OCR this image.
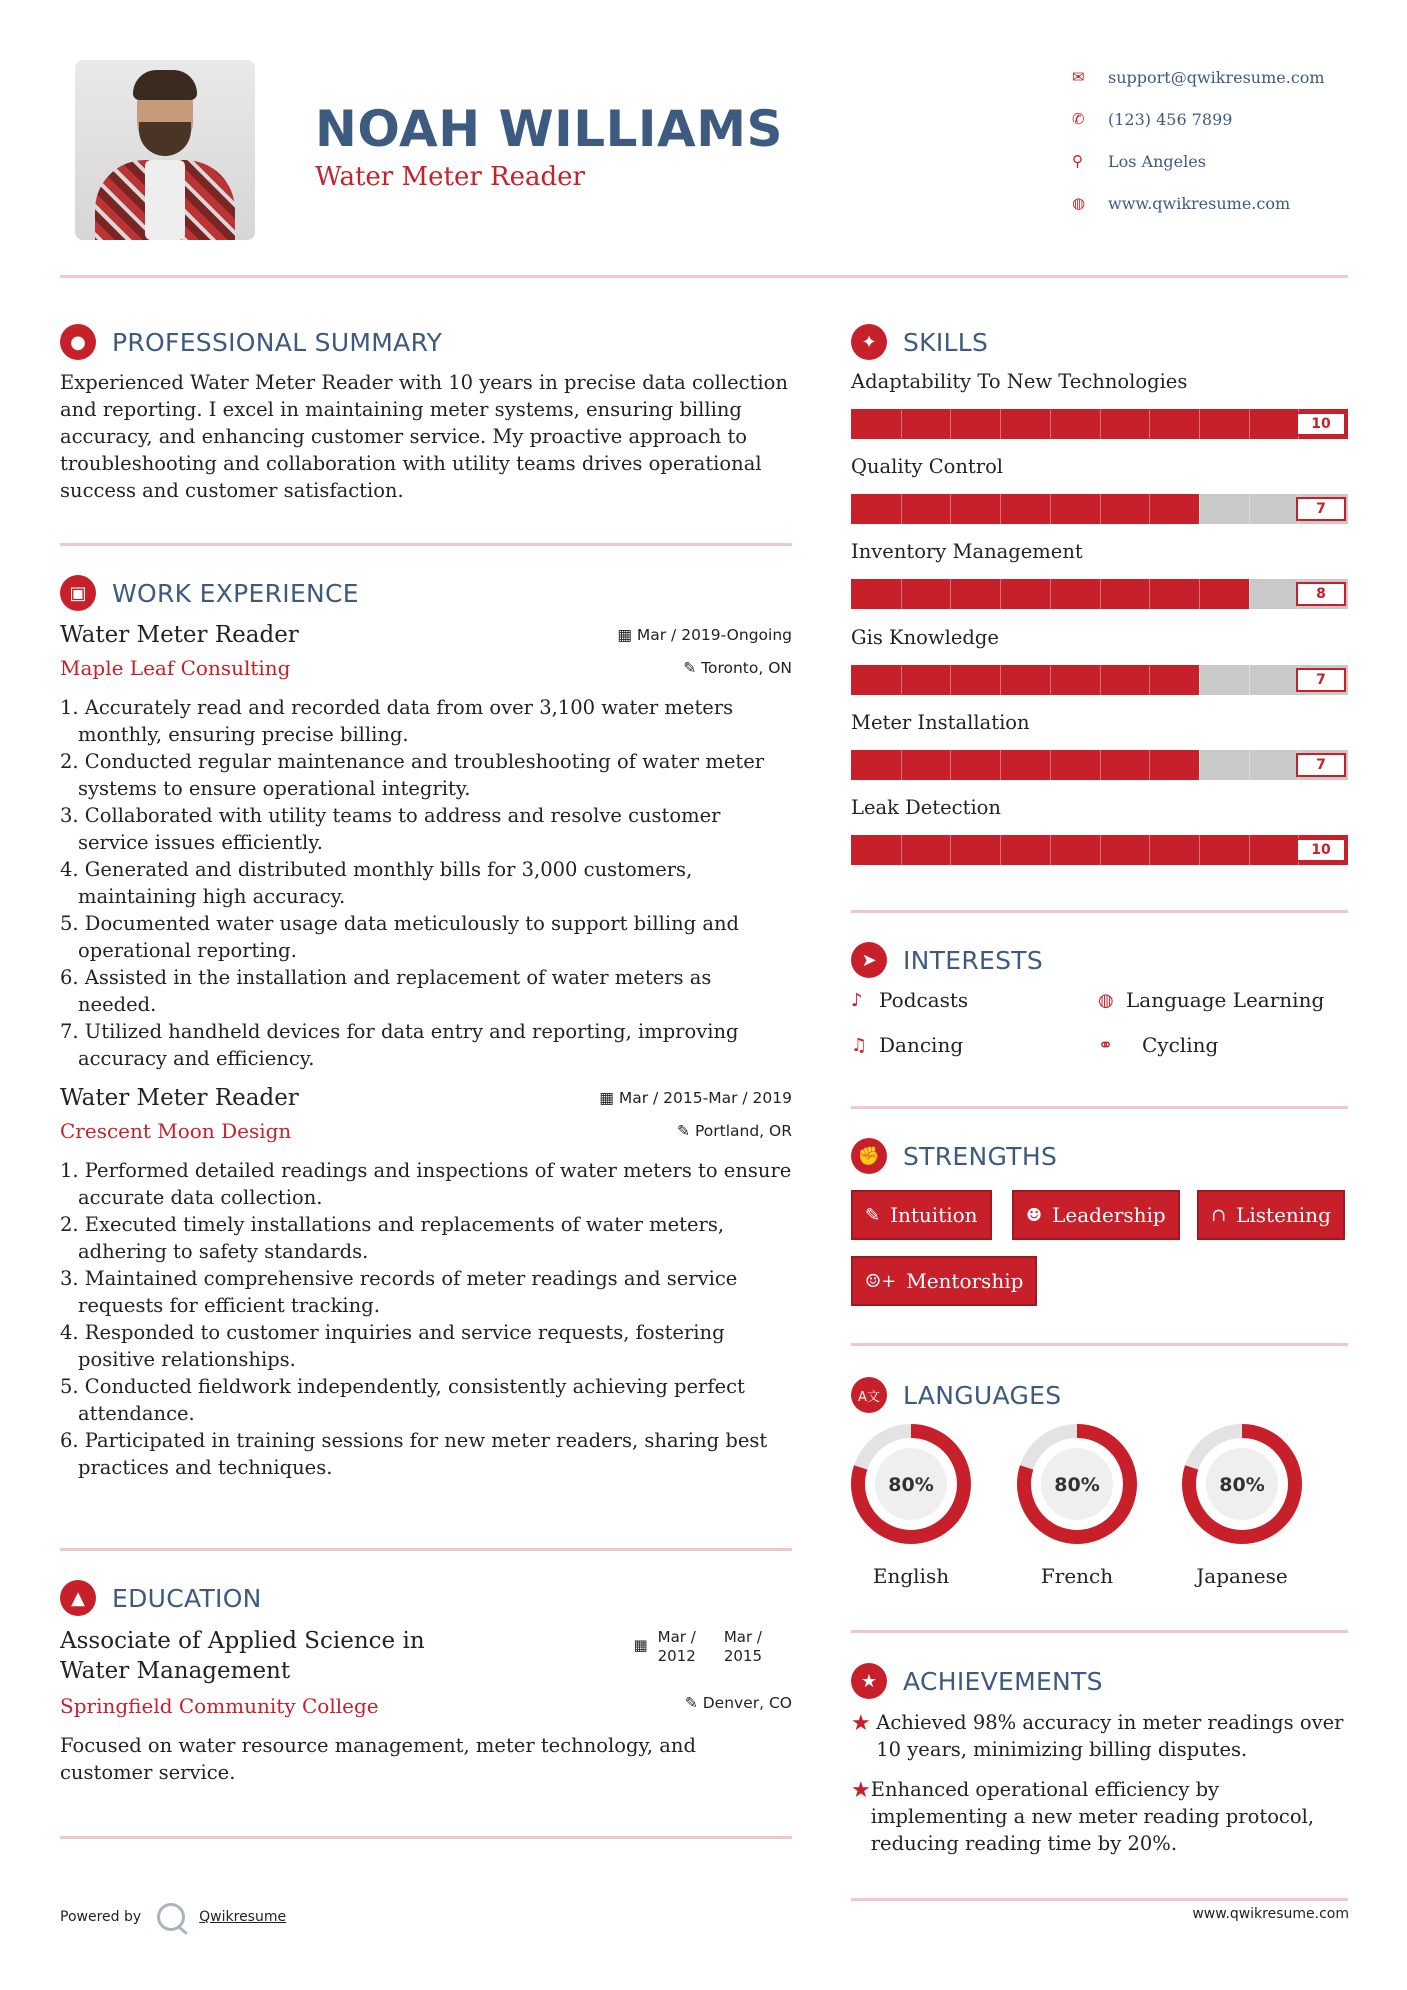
NOAH WILLIAMS
Water Meter Reader
✉	support@qwikresume.com
✆	(123) 456 7899
⚲	Los Angeles
◍	www.qwikresume.com
●	PROFESSIONAL SUMMARY
Experienced Water Meter Reader with 10 years in precise data collection and reporting. I excel in maintaining meter systems, ensuring billing accuracy, and enhancing customer service. My proactive approach to troubleshooting and collaboration with utility teams drives operational success and customer satisfaction.
▣	WORK EXPERIENCE
Water Meter Reader
Maple Leaf Consulting
▦ Mar / 2019-Ongoing
✎ Toronto, ON
1. Accurately read and recorded data from over 3,100 water meters monthly, ensuring precise billing.
2. Conducted regular maintenance and troubleshooting of water meter systems to ensure operational integrity.
3. Collaborated with utility teams to address and resolve customer service issues efficiently.
4. Generated and distributed monthly bills for 3,000 customers, maintaining high accuracy.
5. Documented water usage data meticulously to support billing and operational reporting.
6. Assisted in the installation and replacement of water meters as needed.
7. Utilized handheld devices for data entry and reporting, improving accuracy and efficiency.
Water Meter Reader
Crescent Moon Design
▦ Mar / 2015-Mar / 2019
✎ Portland, OR
1. Performed detailed readings and inspections of water meters to ensure accurate data collection.
2. Executed timely installations and replacements of water meters, adhering to safety standards.
3. Maintained comprehensive records of meter readings and service requests for efficient tracking.
4. Responded to customer inquiries and service requests, fostering positive relationships.
5. Conducted fieldwork independently, consistently achieving perfect attendance.
6. Participated in training sessions for new meter readers, sharing best practices and techniques.
▲	EDUCATION
Associate of Applied Science in Water Management
Springfield Community College
▦ Mar /
2012
Mar /
2015
✎ Denver, CO
Focused on water resource management, meter technology, and customer service.
✦	SKILLS
Adaptability To New Technologies
10
Quality Control
7
Inventory Management
8
Gis Knowledge
7
Meter Installation
7
Leak Detection
10
➤	INTERESTS
♪ Podcasts	◍ Language Learning
♫ Dancing	⚭	Cycling
✊ STRENGTHS
✎ Intuition	☻ Leadership	∩ Listening
☺+ Mentorship
A文 LANGUAGES
80%
English
80%
French
80%
Japanese
★	ACHIEVEMENTS
★ Achieved 98% accuracy in meter readings over 10 years, minimizing billing disputes.
★ Enhanced operational efficiency by implementing a new meter reading protocol, reducing reading time by 20%.
Powered by	Qwikresume	www.qwikresume.com
